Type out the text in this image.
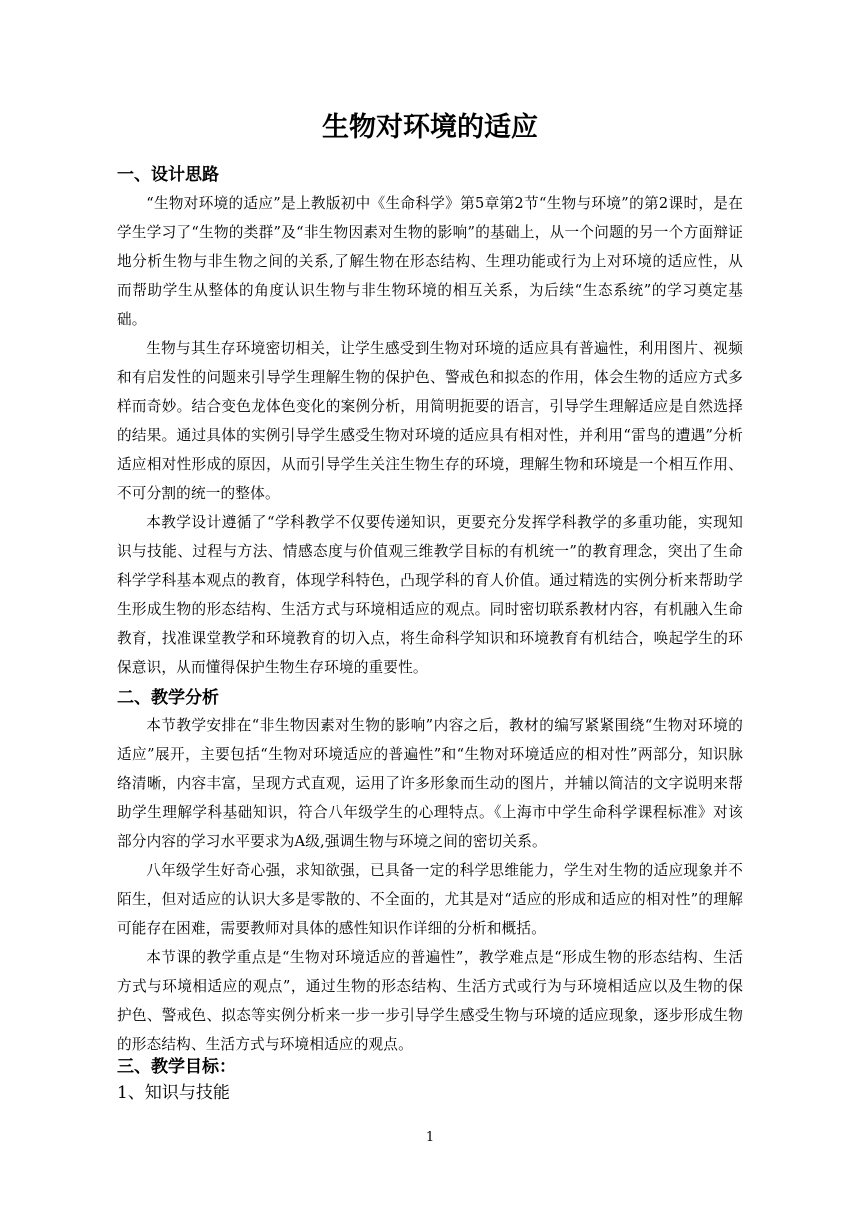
生物对环境的适应
一、设计思路
“生物对环境的适应”是上教版初中《生命科学》第5章第2节“生物与环境”的第2课时，是在学生学习了“生物的类群”及“非生物因素对生物的影响”的基础上，从一个问题的另一个方面辩证地分析生物与非生物之间的关系,了解生物在形态结构、生理功能或行为上对环境的适应性，从而帮助学生从整体的角度认识生物与非生物环境的相互关系，为后续“生态系统”的学习奠定基础。
生物与其生存环境密切相关，让学生感受到生物对环境的适应具有普遍性，利用图片、视频和有启发性的问题来引导学生理解生物的保护色、警戒色和拟态的作用，体会生物的适应方式多样而奇妙。结合变色龙体色变化的案例分析，用简明扼要的语言，引导学生理解适应是自然选择的结果。通过具体的实例引导学生感受生物对环境的适应具有相对性，并利用“雷鸟的遭遇”分析适应相对性形成的原因，从而引导学生关注生物生存的环境，理解生物和环境是一个相互作用、不可分割的统一的整体。
本教学设计遵循了“学科教学不仅要传递知识，更要充分发挥学科教学的多重功能，实现知识与技能、过程与方法、情感态度与价值观三维教学目标的有机统一”的教育理念，突出了生命科学学科基本观点的教育，体现学科特色，凸现学科的育人价值。通过精选的实例分析来帮助学生形成生物的形态结构、生活方式与环境相适应的观点。同时密切联系教材内容，有机融入生命教育，找准课堂教学和环境教育的切入点，将生命科学知识和环境教育有机结合，唤起学生的环保意识，从而懂得保护生物生存环境的重要性。
二、教学分析
本节教学安排在“非生物因素对生物的影响”内容之后，教材的编写紧紧围绕“生物对环境的适应”展开，主要包括“生物对环境适应的普遍性”和“生物对环境适应的相对性”两部分，知识脉络清晰，内容丰富，呈现方式直观，运用了许多形象而生动的图片，并辅以简洁的文字说明来帮助学生理解学科基础知识，符合八年级学生的心理特点。《上海市中学生命科学课程标准》对该部分内容的学习水平要求为A级,强调生物与环境之间的密切关系。
八年级学生好奇心强，求知欲强，已具备一定的科学思维能力，学生对生物的适应现象并不陌生，但对适应的认识大多是零散的、不全面的，尤其是对“适应的形成和适应的相对性”的理解可能存在困难，需要教师对具体的感性知识作详细的分析和概括。
本节课的教学重点是“生物对环境适应的普遍性”，教学难点是“形成生物的形态结构、生活方式与环境相适应的观点”，通过生物的形态结构、生活方式或行为与环境相适应以及生物的保护色、警戒色、拟态等实例分析来一步一步引导学生感受生物与环境的适应现象，逐步形成生物的形态结构、生活方式与环境相适应的观点。
三、教学目标：
1、知识与技能
1
